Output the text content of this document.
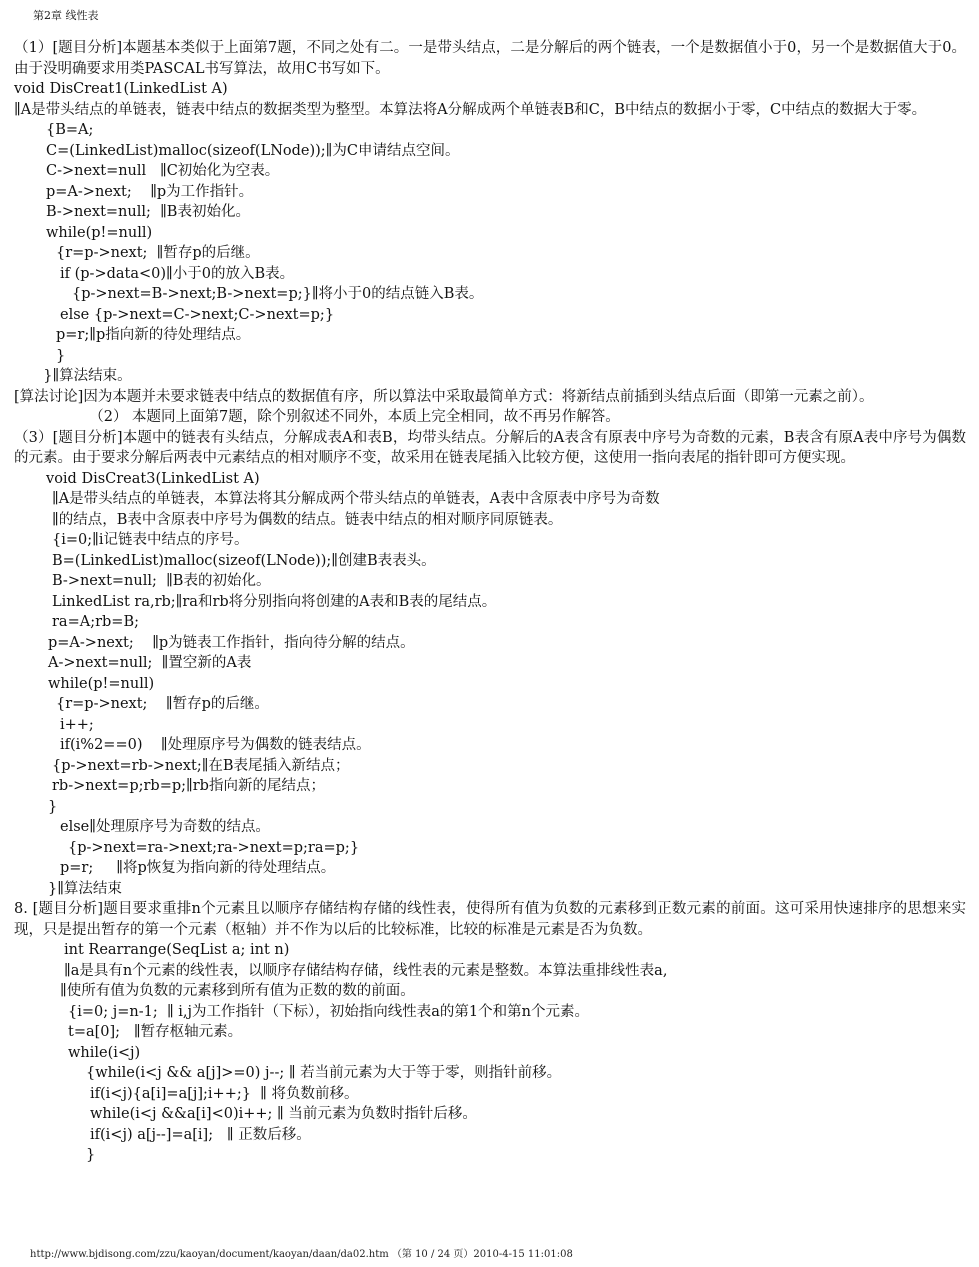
第2章 线性表
（1）[题目分析]本题基本类似于上面第7题，不同之处有二。一是带头结点，二是分解后的两个链表，一个是数据值小于0，另一个是数据值大于0。由于没明确要求用类PASCAL书写算法，故用C书写如下。
void DisCreat1(LinkedList A)
∥A是带头结点的单链表，链表中结点的数据类型为整型。本算法将A分解成两个单链表B和C，B中结点的数据小于零，C中结点的数据大于零。
{B=A;
C=(LinkedList)malloc(sizeof(LNode));∥为C申请结点空间。
C->next=null   ∥C初始化为空表。
p=A->next;    ∥p为工作指针。
B->next=null;  ∥B表初始化。
while(p!=null)
{r=p->next;  ∥暂存p的后继。
if (p->data<0)∥小于0的放入B表。
{p->next=B->next;B->next=p;}∥将小于0的结点链入B表。
else {p->next=C->next;C->next=p;}
p=r;∥p指向新的待处理结点。
}
}∥算法结束。
[算法讨论]因为本题并未要求链表中结点的数据值有序，所以算法中采取最简单方式：将新结点前插到头结点后面（即第一元素之前）。
（2） 本题同上面第7题，除个别叙述不同外，本质上完全相同，故不再另作解答。
（3）[题目分析]本题中的链表有头结点，分解成表A和表B，均带头结点。分解后的A表含有原表中序号为奇数的元素，B表含有原A表中序号为偶数的元素。由于要求分解后两表中元素结点的相对顺序不变，故采用在链表尾插入比较方便，这使用一指向表尾的指针即可方便实现。
void DisCreat3(LinkedList A)
∥A是带头结点的单链表，本算法将其分解成两个带头结点的单链表，A表中含原表中序号为奇数
∥的结点，B表中含原表中序号为偶数的结点。链表中结点的相对顺序同原链表。
{i=0;∥i记链表中结点的序号。
B=(LinkedList)malloc(sizeof(LNode));∥创建B表表头。
B->next=null;  ∥B表的初始化。
LinkedList ra,rb;∥ra和rb将分别指向将创建的A表和B表的尾结点。
ra=A;rb=B;
p=A->next;    ∥p为链表工作指针，指向待分解的结点。
A->next=null;  ∥置空新的A表
while(p!=null)
{r=p->next;    ∥暂存p的后继。
i++;
if(i%2==0)    ∥处理原序号为偶数的链表结点。
{p->next=rb->next;∥在B表尾插入新结点；
rb->next=p;rb=p;∥rb指向新的尾结点；
}
else∥处理原序号为奇数的结点。
{p->next=ra->next;ra->next=p;ra=p;}
p=r;     ∥将p恢复为指向新的待处理结点。
}∥算法结束
8. [题目分析]题目要求重排n个元素且以顺序存储结构存储的线性表，使得所有值为负数的元素移到正数元素的前面。这可采用快速排序的思想来实现，只是提出暂存的第一个元素（枢轴）并不作为以后的比较标准，比较的标准是元素是否为负数。
int Rearrange(SeqList a; int n)
∥a是具有n个元素的线性表，以顺序存储结构存储，线性表的元素是整数。本算法重排线性表a,
∥使所有值为负数的元素移到所有值为正数的数的前面。
{i=0; j=n-1;  ∥ i,j为工作指针（下标），初始指向线性表a的第1个和第n个元素。
t=a[0];   ∥暂存枢轴元素。
while(i<j)
{while(i<j && a[j]>=0) j--; ∥ 若当前元素为大于等于零，则指针前移。
if(i<j){a[i]=a[j];i++;}  ∥ 将负数前移。
while(i<j &&a[i]<0)i++; ∥ 当前元素为负数时指针后移。
if(i<j) a[j--]=a[i];   ∥ 正数后移。
}
http://www.bjdisong.com/zzu/kaoyan/document/kaoyan/daan/da02.htm （第 10 / 24 页）2010-4-15 11:01:08
